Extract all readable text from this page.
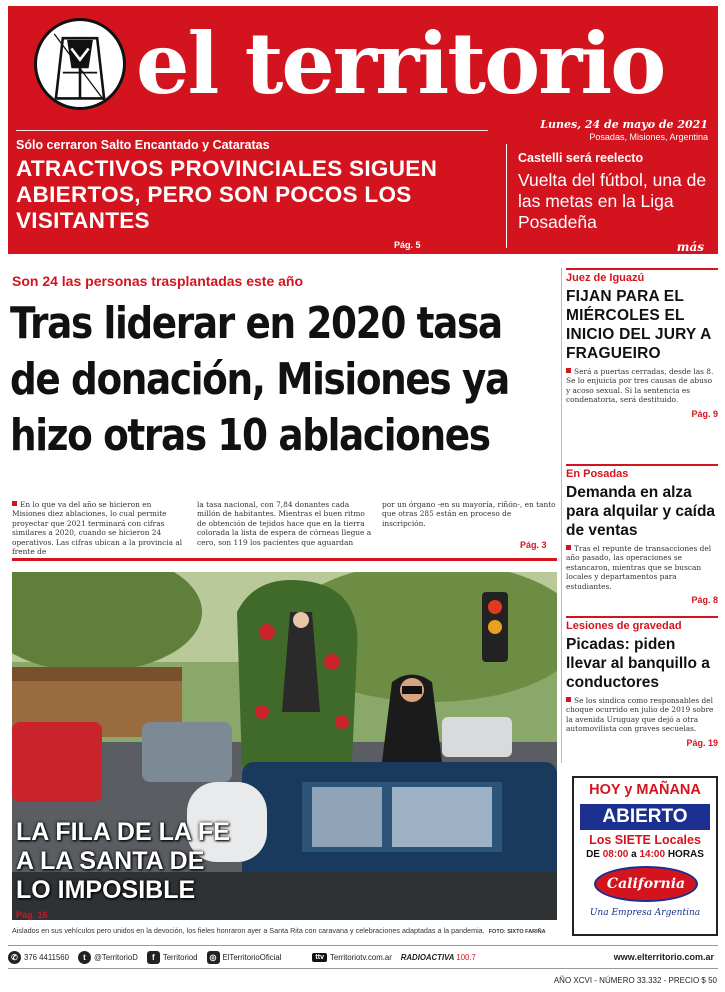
el territorio
Lunes, 24 de mayo de 2021
Posadas, Misiones, Argentina
Sólo cerraron Salto Encantado y Cataratas
ATRACTIVOS PROVINCIALES SIGUEN ABIERTOS, PERO SON POCOS LOS VISITANTES
Pág. 5
Castelli será reelecto
Vuelta del fútbol, una de las metas en la Liga Posadeña
más
Son 24 las personas trasplantadas este año
Tras liderar en 2020 tasa de donación, Misiones ya hizo otras 10 ablaciones
En lo que va del año se hicieron en Misiones diez ablaciones, lo cual permite proyectar que 2021 terminará con cifras similares a 2020, cuando se hicieron 24 operativos. Las cifras ubican a la provincia al frente de
la tasa nacional, con 7,84 donantes cada millón de habitantes. Mientras el buen ritmo de obtención de tejidos hace que en la tierra colorada la lista de espera de córneas llegue a cero, son 119 los pacientes que aguardan
por un órgano -en su mayoría, riñón-, en tanto que otras 285 están en proceso de inscripción.
Pág. 3
LA FILA DE LA FE
A LA SANTA DE
LO IMPOSIBLE
Pág. 16
Aislados en sus vehículos pero unidos en la devoción, los fieles honraron ayer a Santa Rita con caravana y celebraciones adaptadas a la pandemia. FOTO: SIXTO FARIÑA
Juez de Iguazú
FIJAN PARA EL MIÉRCOLES EL INICIO DEL JURY A FRAGUEIRO
Será a puertas cerradas, desde las 8. Se lo enjuicia por tres causas de abuso y acoso sexual. Si la sentencia es condenatoria, será destituido.
Pág. 9
En Posadas
Demanda en alza para alquilar y caída de ventas
Tras el repunte de transacciones del año pasado, las operaciones se estancaron, mientras que se buscan locales y departamentos para estudiantes.
Pág. 8
Lesiones de gravedad
Picadas: piden llevar al banquillo a conductores
Se los sindica como responsables del choque ocurrido en julio de 2019 sobre la avenida Uruguay que dejó a otra automovilista con graves secuelas.
Pág. 19
HOY y MAÑANA
ABIERTO
Los SIETE Locales
DE 08:00 a 14:00 HORAS
California
Una Empresa Argentina
✆ 376 4411560	t	@TerritorioD	f	Territoriod	◎ ElTerritorioOficial	ttv Territoriotv.com.ar RADIOACTIVA 100.7	www.elterritorio.com.ar
AÑO XCVI - NÚMERO 33.332 - PRECIO $ 50
